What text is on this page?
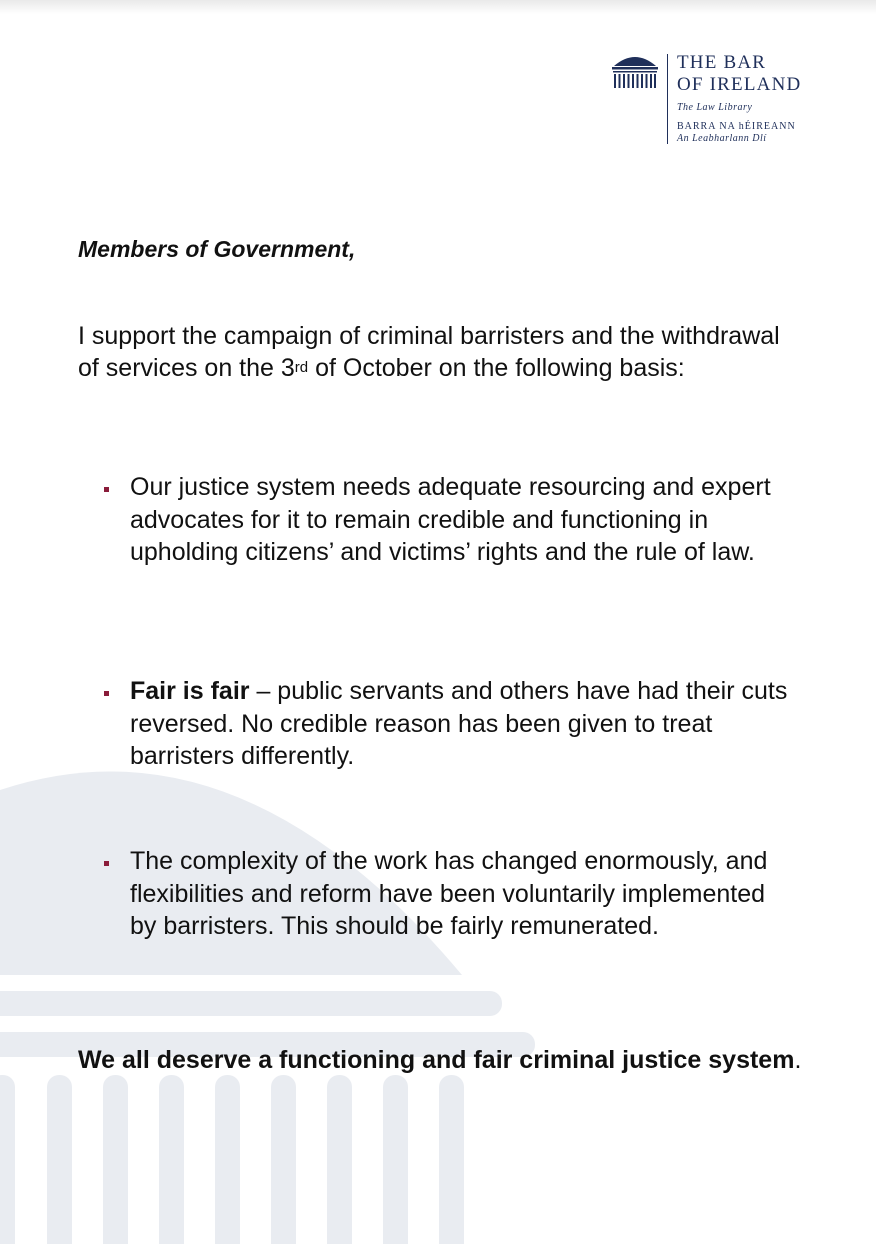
THE BAR
OF IRELAND
The Law Library
BARRA NA hÉIREANN
An Leabharlann Dlí
Members of Government,
I support the campaign of criminal barristers and the withdrawal of services on the 3rd of October on the following basis:
Our justice system needs adequate resourcing and expert advocates for it to remain credible and functioning in upholding citizens’ and victims’ rights and the rule of law.
Fair is fair – public servants and others have had their cuts reversed. No credible reason has been given to treat barristers differently.
The complexity of the work has changed enormously, and flexibilities and reform have been voluntarily implemented by barristers. This should be fairly remunerated.
We all deserve a functioning and fair criminal justice system.
